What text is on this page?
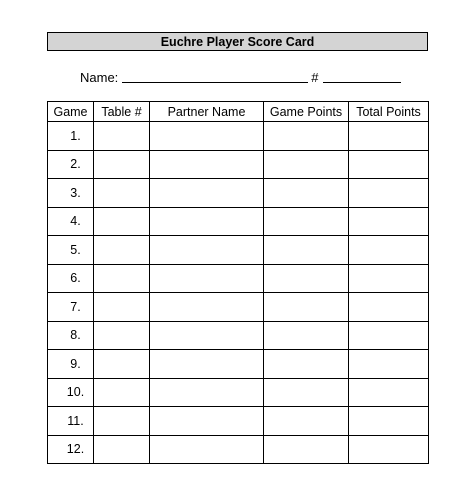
Euchre Player Score Card
Name:	#
Game	Table #	Partner Name	Game Points	Total Points
1.				
2.				
3.				
4.				
5.				
6.				
7.				
8.				
9.				
10.				
11.				
12.				
